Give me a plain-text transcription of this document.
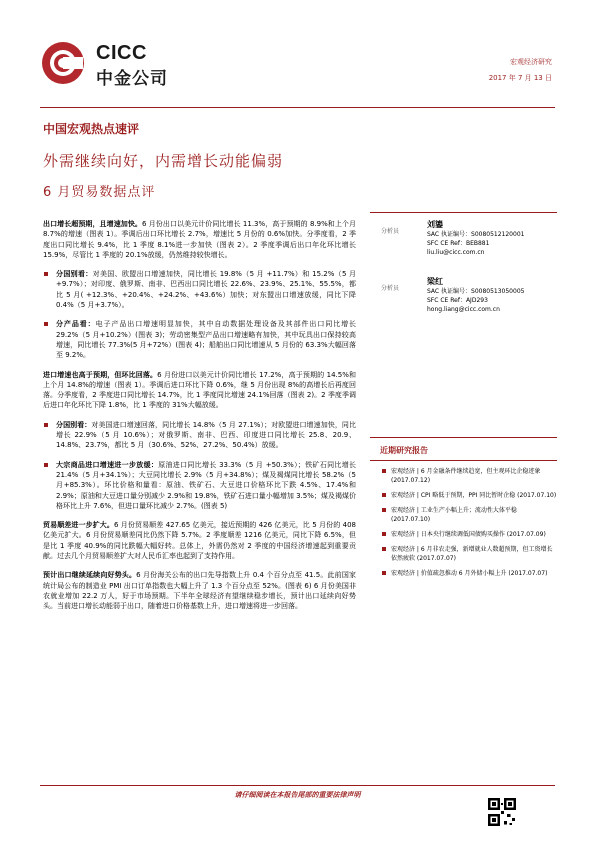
CICC
中金公司
宏观经济研究
2017 年 7 月 13 日
中国宏观热点速评
外需继续向好，内需增长动能偏弱
6 月贸易数据点评

出口增长超预期，且增速加快。6 月份出口以美元计价同比增长 11.3%，高于预期的 8.9%和上个月 8.7%的增速（图表 1）。季调后出口环比增长 2.7%，增速比 5 月份的 0.6%加快。分季度看，2 季度出口同比增长 9.4%，比 1 季度 8.1%进一步加快（图表 2）。2 季度季调后出口年化环比增长 15.9%，尽管比 1 季度的 20.1%放缓，仍然维持较快增长。

分国别看：对美国、欧盟出口增速加快，同比增长 19.8%（5 月 +11.7%）和 15.2%（5 月+9.7%）；对印度、俄罗斯、南非、巴西出口同比增长 22.6%、23.9%、25.1%、55.5%，都比 5 月( +12.3%、+20.4%、+24.2%、+43.6%）加快；对东盟出口增速放缓，同比下降 0.4%（5 月+3.7%）。

分产品看：电子产品出口增速明显加快，其中自动数据处理设备及其部件出口同比增长 29.2%（5 月+10.2%）(图表 3)；劳动密集型产品出口增速略有加快，其中玩具出口保持较高增速，同比增长 77.3%(5 月+72%）(图表 4)；船舶出口同比增速从 5 月份的 63.3%大幅回落至 9.2%。

进口增速也高于预期，但环比回落。6 月份进口以美元计价同比增长 17.2%，高于预期的 14.5%和上个月 14.8%的增速（图表 1）。季调后进口环比下降 0.6%，继 5 月份出现 8%的高增长后再度回落。分季度看，2 季度进口同比增长 14.7%，比 1 季度同比增速 24.1%回落（图表 2)。2 季度季调后进口年化环比下降 1.8%，比 1 季度的 31%大幅放缓。

分国别看：对美国进口增速回落，同比增长 14.8%（5 月 27.1%）；对欧盟进口增速加快，同比增长 22.9%（5 月 10.6%）；对俄罗斯、南非、巴西、印度进口同比增长 25.8、20.9、14.8%、23.7%，都比 5 月（30.6%、52%、27.2%、50.4%）放缓。

大宗商品进口增速进一步放缓：原油进口同比增长 33.3%（5 月 +50.3%）；铁矿石同比增长 21.4%（5 月+34.1%）；大豆同比增长 2.9%（5 月+34.8%）；煤及褐煤同比增长 58.2%（5 月+85.3%）。环比价格和量看：原油、铁矿石、大豆进口价格环比下跌 4.5%、17.4%和 2.9%；原油和大豆进口量分别减少 2.9%和 19.8%，铁矿石进口量小幅增加 3.5%；煤及褐煤价格环比上升 7.6%，但进口量环比减少 2.7%。(图表 5)

贸易顺差进一步扩大。6 月份贸易顺差 427.65 亿美元，接近预期的 426 亿美元，比 5 月份的 408 亿美元扩大。6 月份贸易顺差同比仍然下降 5.7%。2 季度顺差 1216 亿美元，同比下降 6.5%，但是比 1 季度 40.9%的同比跌幅大幅好转。总体上，外需仍然对 2 季度的中国经济增速起到重要贡献。过去几个月贸易顺差扩大对人民币汇率也起到了支持作用。

预计出口继续延续向好势头。6 月份海关公布的出口先导指数上升 0.4 个百分点至 41.5。此前国家统计局公布的制造业 PMI 出口订单指数也大幅上升了 1.3 个百分点至 52%。(图表 6) 6 月份美国非农就业增加 22.2 万人，好于市场预期。下半年全球经济有望继续稳步增长，预计出口延续向好势头。当前进口增长动能弱于出口，随着进口价格基数上升，进口增速将进一步回落。

分析员
刘鎏
SAC 执证编号：S0080512120001
SFC CE Ref：BEB881
liu.liu@cicc.com.cn
分析员
梁红
SAC 执证编号：S0080513050005
SFC CE Ref：AJD293
hong.liang@cicc.com.cn
近期研究报告
宏观经济 | 6 月金融条件继续趋宽，但主观环比企稳迹象 (2017.07.12)
宏观经济 | CPI 略低于预期，PPI 同比暂时企稳 (2017.07.10)
宏观经济 | 工业生产小幅上升；流动性大体平稳 (2017.07.10)
宏观经济 | 日本央行继续调低国债购买操作 (2017.07.09)
宏观经济 | 6 月非农走强，新增就业人数超预期，但工资增长依然疲软 (2017.07.07)
宏观经济 | 价值疏忽推动 6 月外储小幅上升 (2017.07.07)
请仔细阅读在本报告尾部的重要法律声明
